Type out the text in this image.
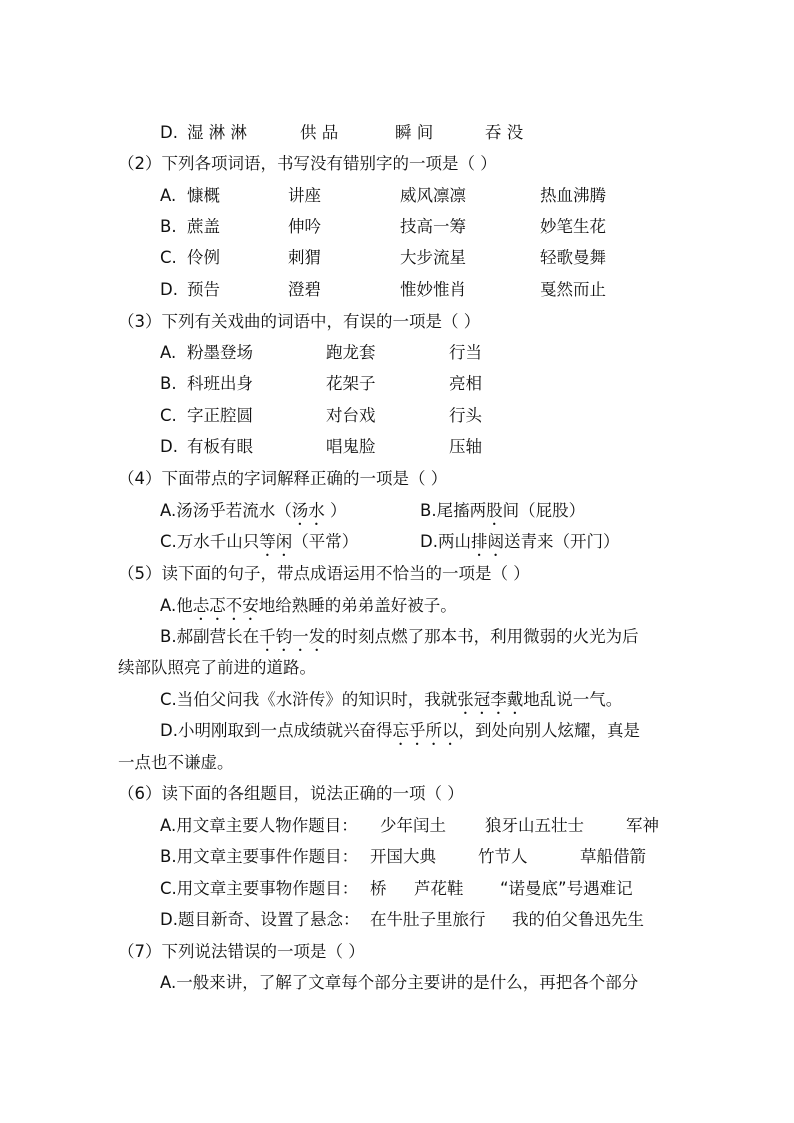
D. 湿 淋 淋	供 品	瞬 间	吞 没
（2）下列各项词语，书写没有错别字的一项是（ ）
A. 慷概	讲座	威风凛凛	热血沸腾
B. 蔗盖	伸吟	技高一筹	妙笔生花
C. 伶例	刺猬	大步流星	轻歌曼舞
D. 预告	澄碧	惟妙惟肖	戛然而止
（3）下列有关戏曲的词语中，有误的一项是（ ）
A. 粉墨登场	跑龙套	行当
B. 科班出身	花架子	亮相
C. 字正腔圆	对台戏	行头
D. 有板有眼	唱鬼脸	压轴
（4）下面带点的字词解释正确的一项是（ ）
A.汤汤乎若流水（汤水 ）	B.尾搐两股间（屁股）
C.万水千山只等闲（平常）	D.两山排闼送青来（开门）
（5）读下面的句子，带点成语运用不恰当的一项是（ ）
A.他忐忑不安地给熟睡的弟弟盖好被子。
B.郝副营长在千钧一发的时刻点燃了那本书，利用微弱的火光为后
续部队照亮了前进的道路。
C.当伯父问我《水浒传》的知识时，我就张冠李戴地乱说一气。
D.小明刚取到一点成绩就兴奋得忘乎所以，到处向别人炫耀，真是
一点也不谦虚。
（6）读下面的各组题目，说法正确的一项（ ）
A.用文章主要人物作题目： 少年闰土 狼牙山五壮士	军神
B.用文章主要事件作题目： 开国大典	竹节人	草船借箭
C.用文章主要事物作题目： 桥 芦花鞋 “诺曼底”号遇难记
D.题目新奇、设置了悬念： 在牛肚子里旅行 我的伯父鲁迅先生
（7）下列说法错误的一项是（ ）
A.一般来讲，了解了文章每个部分主要讲的是什么，再把各个部分
